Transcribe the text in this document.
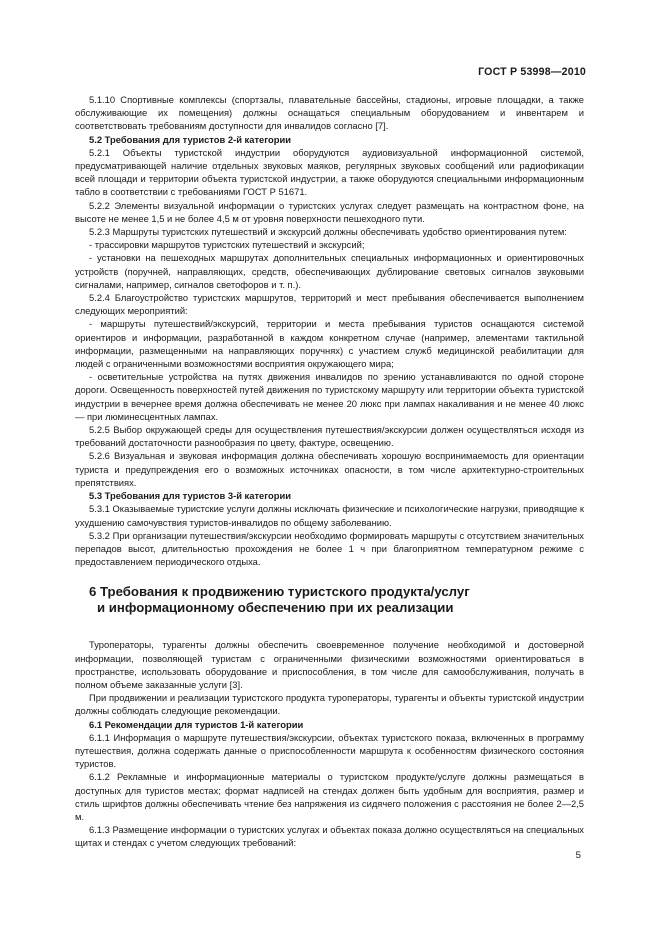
ГОСТ Р 53998—2010

5.1.10 Спортивные комплексы (спортзалы, плавательные бассейны, стадионы, игровые площадки, а также обслуживающие их помещения) должны оснащаться специальным оборудованием и инвентарем и соответствовать требованиям доступности для инвалидов согласно [7].

5.2 Требования для туристов 2-й категории

5.2.1 Объекты туристской индустрии оборудуются аудиовизуальной информационной системой, предусматривающей наличие отдельных звуковых маяков, регулярных звуковых сообщений или радиофикации всей площади и территории объекта туристской индустрии, а также оборудуются специальными информационным табло в соответствии с требованиями ГОСТ Р 51671.

5.2.2 Элементы визуальной информации о туристских услугах следует размещать на контрастном фоне, на высоте не менее 1,5 и не более 4,5 м от уровня поверхности пешеходного пути.

5.2.3 Маршруты туристских путешествий и экскурсий должны обеспечивать удобство ориентирования путем:

- трассировки маршрутов туристских путешествий и экскурсий;

- установки на пешеходных маршрутах дополнительных специальных информационных и ориентировочных устройств (поручней, направляющих, средств, обеспечивающих дублирование световых сигналов звуковыми сигналами, например, сигналов светофоров и т. п.).

5.2.4 Благоустройство туристских маршрутов, территорий и мест пребывания обеспечивается выполнением следующих мероприятий:

- маршруты путешествий/экскурсий, территории и места пребывания туристов оснащаются системой ориентиров и информации, разработанной в каждом конкретном случае (например, элементами тактильной информации, размещенными на направляющих поручнях) с участием служб медицинской реабилитации для людей с ограниченными возможностями восприятия окружающего мира;

- осветительные устройства на путях движения инвалидов по зрению устанавливаются по одной стороне дороги. Освещенность поверхностей путей движения по туристскому маршруту или территории объекта туристской индустрии в вечернее время должна обеспечивать не менее 20 люкс при лампах накаливания и не менее 40 люкс — при люминесцентных лампах.

5.2.5 Выбор окружающей среды для осуществления путешествия/экскурсии должен осуществляться исходя из требований достаточности разнообразия по цвету, фактуре, освещению.

5.2.6 Визуальная и звуковая информация должна обеспечивать хорошую воспринимаемость для ориентации туриста и предупреждения его о возможных источниках опасности, в том числе архитектурно-строительных препятствиях.

5.3 Требования для туристов 3-й категории

5.3.1 Оказываемые туристские услуги должны исключать физические и психологические нагрузки, приводящие к ухудшению самочувствия туристов-инвалидов по общему заболеванию.

5.3.2 При организации путешествия/экскурсии необходимо формировать маршруты с отсутствием значительных перепадов высот, длительностью прохождения не более 1 ч при благоприятном температурном режиме с предоставлением периодического отдыха.

6 Требования к продвижению туристского продукта/услуг
и информационному обеспечению при их реализации

Туроператоры, турагенты должны обеспечить своевременное получение необходимой и достоверной информации, позволяющей туристам с ограниченными физическими возможностями ориентироваться в пространстве, использовать оборудование и приспособления, в том числе для самообслуживания, получать в полном объеме заказанные услуги [3].

При продвижении и реализации туристского продукта туроператоры, турагенты и объекты туристской индустрии должны соблюдать следующие рекомендации.

6.1 Рекомендации для туристов 1-й категории

6.1.1 Информация о маршруте путешествия/экскурсии, объектах туристского показа, включенных в программу путешествия, должна содержать данные о приспособленности маршрута к особенностям физического состояния туристов.

6.1.2 Рекламные и информационные материалы о туристском продукте/услуге должны размещаться в доступных для туристов местах; формат надписей на стендах должен быть удобным для восприятия, размер и стиль шрифтов должны обеспечивать чтение без напряжения из сидячего положения с расстояния не более 2—2,5 м.

6.1.3 Размещение информации о туристских услугах и объектах показа должно осуществляться на специальных щитах и стендах с учетом следующих требований:

5
